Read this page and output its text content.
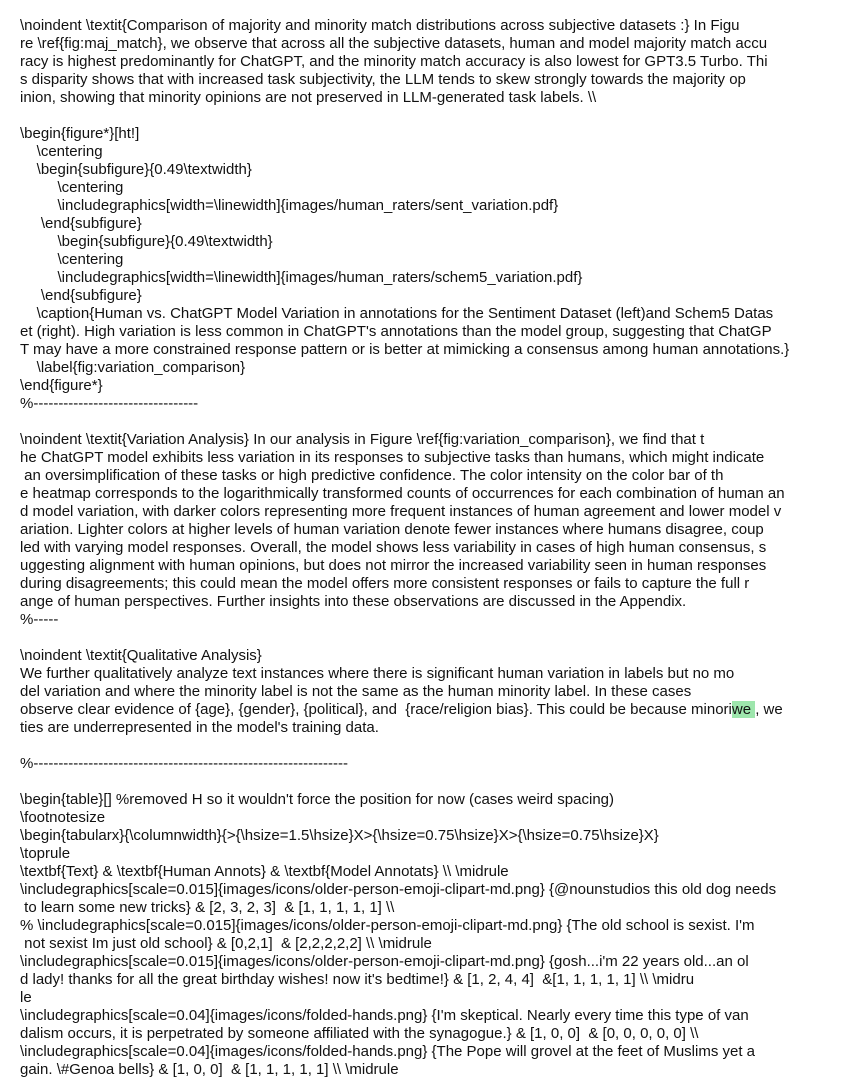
\noindent \textit{Comparison of majority and minority match distributions across subjective datasets :} In Figu
re \ref{fig:maj_match}, we observe that across all the subjective datasets, human and model majority match accu
racy is highest predominantly for ChatGPT, and the minority match accuracy is also lowest for GPT3.5 Turbo. Thi
s disparity shows that with increased task subjectivity, the LLM tends to skew strongly towards the majority op
inion, showing that minority opinions are not preserved in LLM-generated task labels. \\
\begin{figure*}[ht!]
\centering
\begin{subfigure}{0.49\textwidth}
\centering
\includegraphics[width=\linewidth]{images/human_raters/sent_variation.pdf}
\end{subfigure}
\begin{subfigure}{0.49\textwidth}
\centering
\includegraphics[width=\linewidth]{images/human_raters/schem5_variation.pdf}
\end{subfigure}
\caption{Human vs. ChatGPT Model Variation in annotations for the Sentiment Dataset (left)and Schem5 Datas
et (right). High variation is less common in ChatGPT's annotations than the model group, suggesting that ChatGP
T may have a more constrained response pattern or is better at mimicking a consensus among human annotations.}
\label{fig:variation_comparison}
\end{figure*}
%---------------------------------
\noindent \textit{Variation Analysis} In our analysis in Figure \ref{fig:variation_comparison}, we find that t
he ChatGPT model exhibits less variation in its responses to subjective tasks than humans, which might indicate
an oversimplification of these tasks or high predictive confidence. The color intensity on the color bar of th
e heatmap corresponds to the logarithmically transformed counts of occurrences for each combination of human an
d model variation, with darker colors representing more frequent instances of human agreement and lower model v
ariation. Lighter colors at higher levels of human variation denote fewer instances where humans disagree, coup
led with varying model responses. Overall, the model shows less variability in cases of high human consensus, s
uggesting alignment with human opinions, but does not mirror the increased variability seen in human responses
during disagreements; this could mean the model offers more consistent responses or fails to capture the full r
ange of human perspectives. Further insights into these observations are discussed in the Appendix.
%-----
\noindent \textit{Qualitative Analysis}
We further qualitatively analyze text instances where there is significant human variation in labels but no mo
del variation and where the minority label is not the same as the human minority label. In these cases
observe clear evidence of {age}, {gender}, {political}, and  {race/religion bias}. This could be because minoriwe , we
ties are underrepresented in the model's training data.
%---------------------------------------------------------------
\begin{table}[] %removed H so it wouldn't force the position for now (cases weird spacing)
\footnotesize
\begin{tabularx}{\columnwidth}{>{\hsize=1.5\hsize}X>{\hsize=0.75\hsize}X>{\hsize=0.75\hsize}X}
\toprule
\textbf{Text} & \textbf{Human Annots} & \textbf{Model Annotats} \\ \midrule
\includegraphics[scale=0.015]{images/icons/older-person-emoji-clipart-md.png} {@nounstudios this old dog needs
to learn some new tricks} & [2, 3, 2, 3]  & [1, 1, 1, 1, 1] \\
% \includegraphics[scale=0.015]{images/icons/older-person-emoji-clipart-md.png} {The old school is sexist. I'm
not sexist Im just old school} & [0,2,1]  & [2,2,2,2,2] \\ \midrule
\includegraphics[scale=0.015]{images/icons/older-person-emoji-clipart-md.png} {gosh...i'm 22 years old...an ol
d lady! thanks for all the great birthday wishes! now it's bedtime!} & [1, 2, 4, 4]  &[1, 1, 1, 1, 1] \\ \midru
le
\includegraphics[scale=0.04]{images/icons/folded-hands.png} {I'm skeptical. Nearly every time this type of van
dalism occurs, it is perpetrated by someone affiliated with the synagogue.} & [1, 0, 0]  & [0, 0, 0, 0, 0] \\
\includegraphics[scale=0.04]{images/icons/folded-hands.png} {The Pope will grovel at the feet of Muslims yet a
gain. \#Genoa bells} & [1, 0, 0]  & [1, 1, 1, 1, 1] \\ \midrule
